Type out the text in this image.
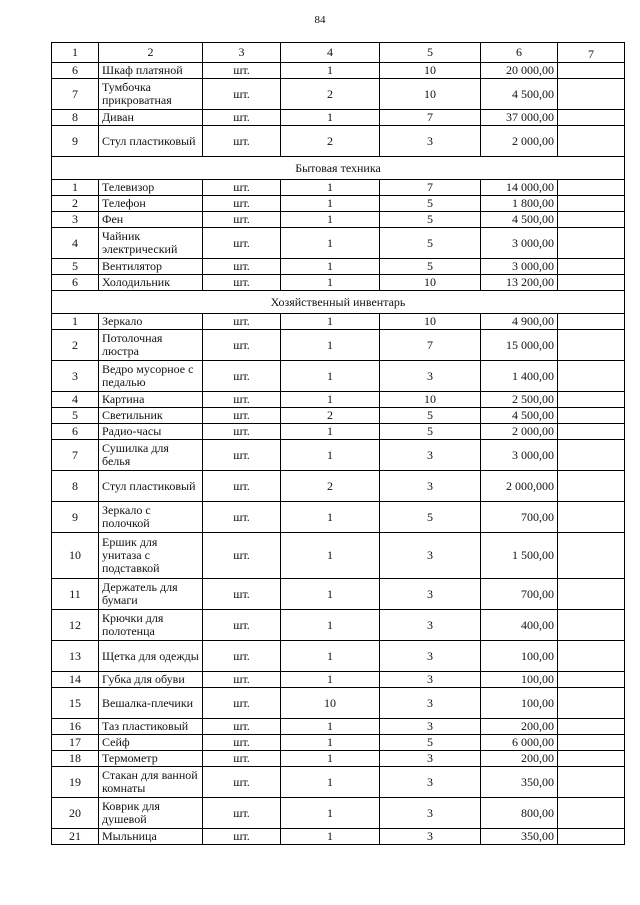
84
1	2	3	4	5	6	7
6	Шкаф платяной	шт.	1	10	20 000,00	
7	Тумбочка прикроватная	шт.	2	10	4 500,00	
8	Диван	шт.	1	7	37 000,00	
9	Стул пластиковый	шт.	2	3	2 000,00	
Бытовая техника						
1	Телевизор	шт.	1	7	14 000,00	
2	Телефон	шт.	1	5	1 800,00	
3	Фен	шт.	1	5	4 500,00	
4	Чайник электрический	шт.	1	5	3 000,00	
5	Вентилятор	шт.	1	5	3 000,00	
6	Холодильник	шт.	1	10	13 200,00	
Хозяйственный инвентарь						
1	Зеркало	шт.	1	10	4 900,00	
2	Потолочная люстра	шт.	1	7	15 000,00	
3	Ведро мусорное с педалью	шт.	1	3	1 400,00	
4	Картина	шт.	1	10	2 500,00	
5	Светильник	шт.	2	5	4 500,00	
6	Радио-часы	шт.	1	5	2 000,00	
7	Сушилка для белья	шт.	1	3	3 000,00	
8	Стул пластиковый	шт.	2	3	2 000,000	
9	Зеркало с полочкой	шт.	1	5	700,00	
10	Ершик для унитаза с подставкой	шт.	1	3	1 500,00	
11	Держатель для бумаги	шт.	1	3	700,00	
12	Крючки для полотенца	шт.	1	3	400,00	
13	Щетка для одежды	шт.	1	3	100,00	
14	Губка для обуви	шт.	1	3	100,00	
15	Вешалка-плечики	шт.	10	3	100,00	
16	Таз пластиковый	шт.	1	3	200,00	
17	Сейф	шт.	1	5	6 000,00	
18	Термометр	шт.	1	3	200,00	
19	Стакан для ванной комнаты	шт.	1	3	350,00	
20	Коврик для душевой	шт.	1	3	800,00	
21	Мыльница	шт.	1	3	350,00	
